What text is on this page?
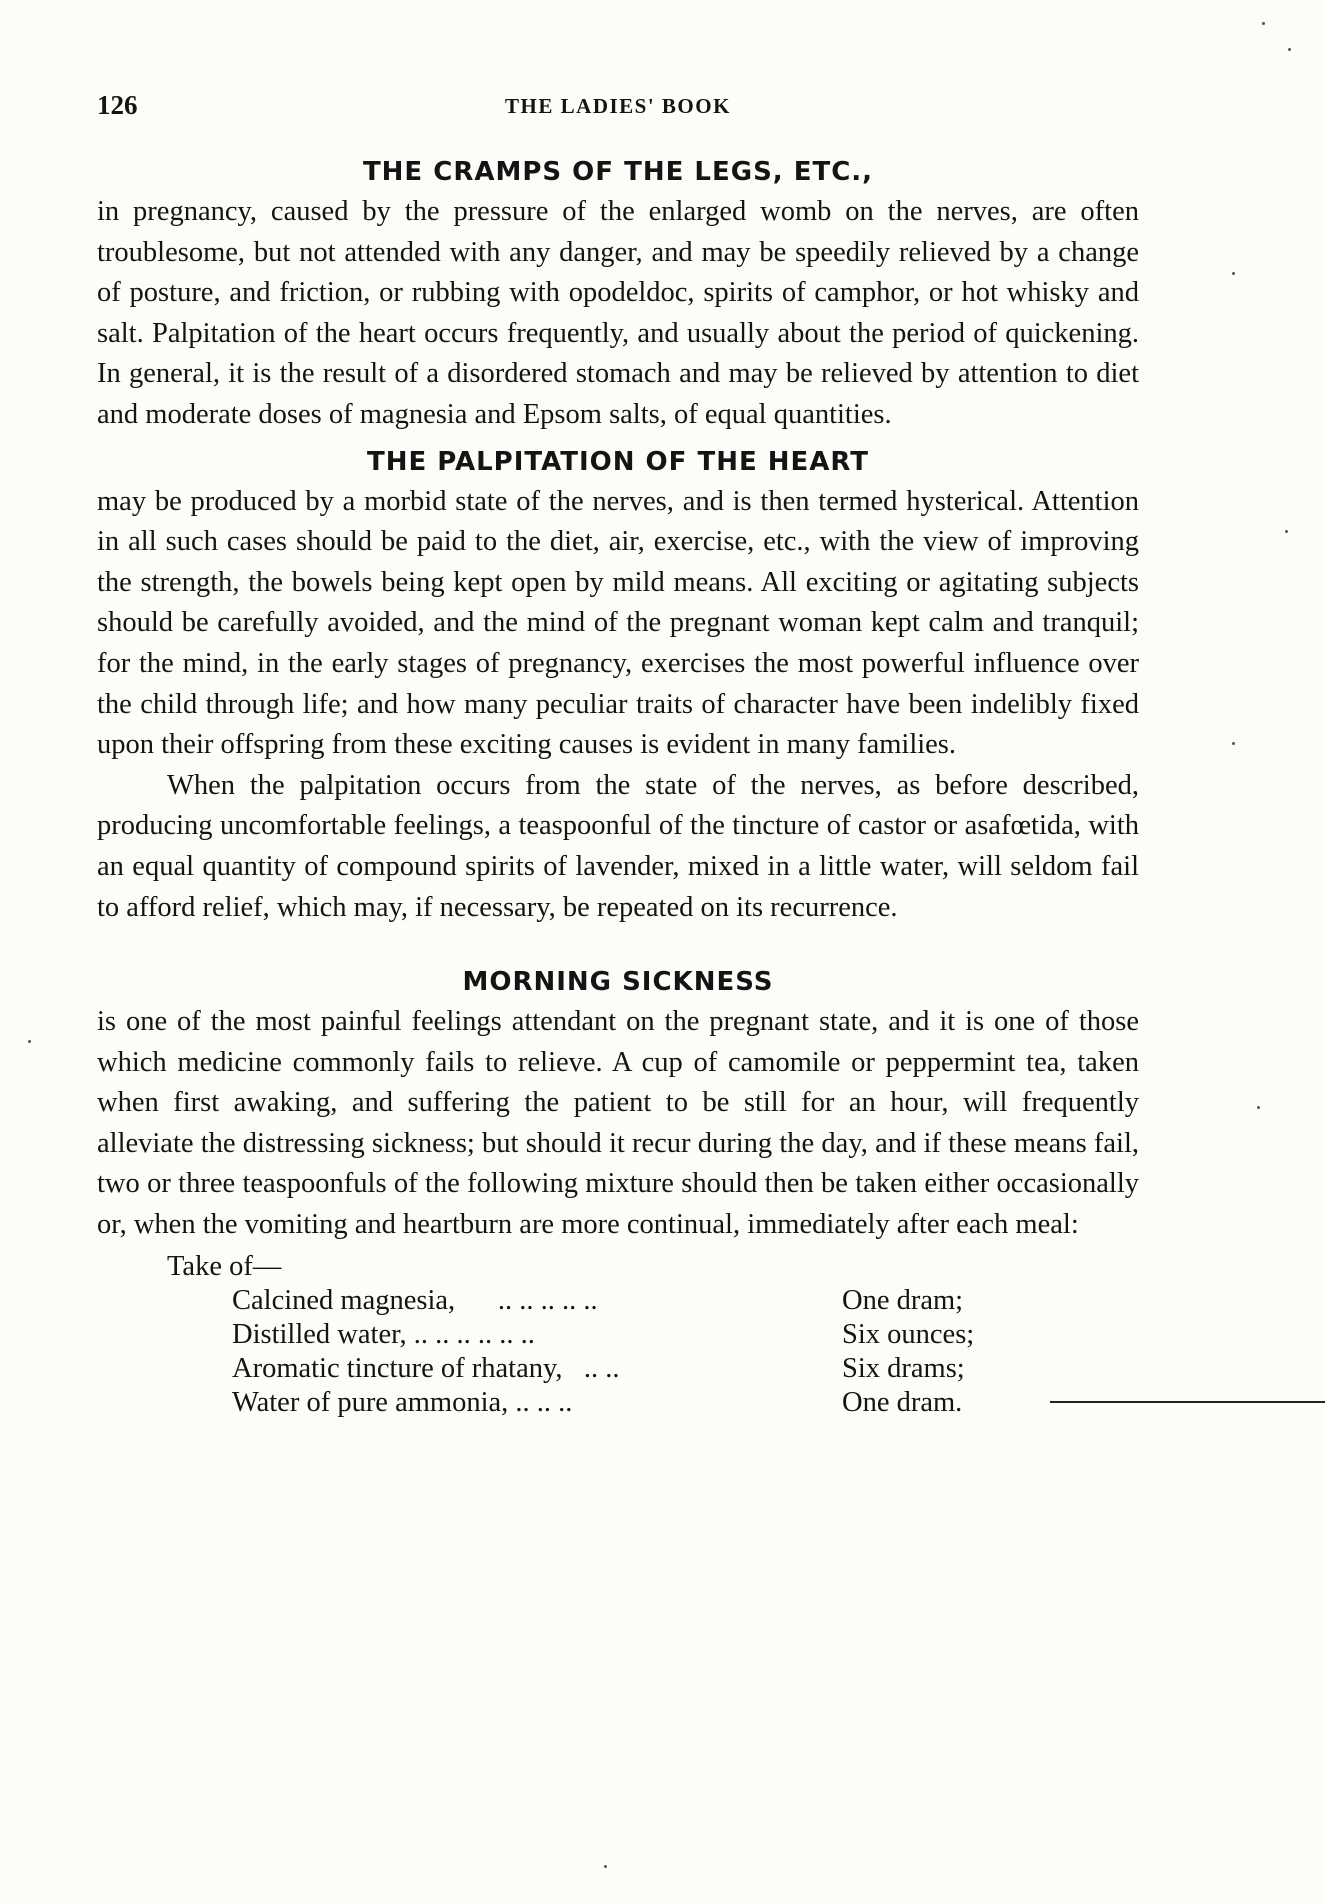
126	THE LADIES' BOOK
THE CRAMPS OF THE LEGS, ETC.,

in pregnancy, caused by the pressure of the enlarged womb on the nerves, are often troublesome, but not attended with any danger, and may be speedily relieved by a change of posture, and friction, or rubbing with opodeldoc, spirits of camphor, or hot whisky and salt. Palpitation of the heart occurs frequently, and usually about the period of quickening. In general, it is the result of a disordered stomach and may be relieved by attention to diet and moderate doses of magnesia and Epsom salts, of equal quantities.

THE PALPITATION OF THE HEART

may be produced by a morbid state of the nerves, and is then termed hysterical. Attention in all such cases should be paid to the diet, air, exercise, etc., with the view of improving the strength, the bowels being kept open by mild means. All exciting or agitating subjects should be carefully avoided, and the mind of the pregnant woman kept calm and tranquil; for the mind, in the early stages of pregnancy, exercises the most powerful influence over the child through life; and how many peculiar traits of character have been indelibly fixed upon their offspring from these exciting causes is evident in many families.

When the palpitation occurs from the state of the nerves, as before described, producing uncomfortable feelings, a teaspoonful of the tincture of castor or asafœtida, with an equal quantity of compound spirits of lavender, mixed in a little water, will seldom fail to afford relief, which may, if necessary, be repeated on its recurrence.

MORNING SICKNESS

is one of the most painful feelings attendant on the pregnant state, and it is one of those which medicine commonly fails to relieve. A cup of camomile or peppermint tea, taken when first awaking, and suffering the patient to be still for an hour, will frequently alleviate the distressing sickness; but should it recur during the day, and if these means fail, two or three teaspoonfuls of the following mixture should then be taken either occasionally or, when the vomiting and heartburn are more continual, immediately after each meal:

Take of—
Calcined magnesia,      .. .. .. .. ..	One dram;
Distilled water, .. .. .. .. .. ..	Six ounces;
Aromatic tincture of rhatany,   .. ..	Six drams;
Water of pure ammonia, .. .. ..	One dram.
